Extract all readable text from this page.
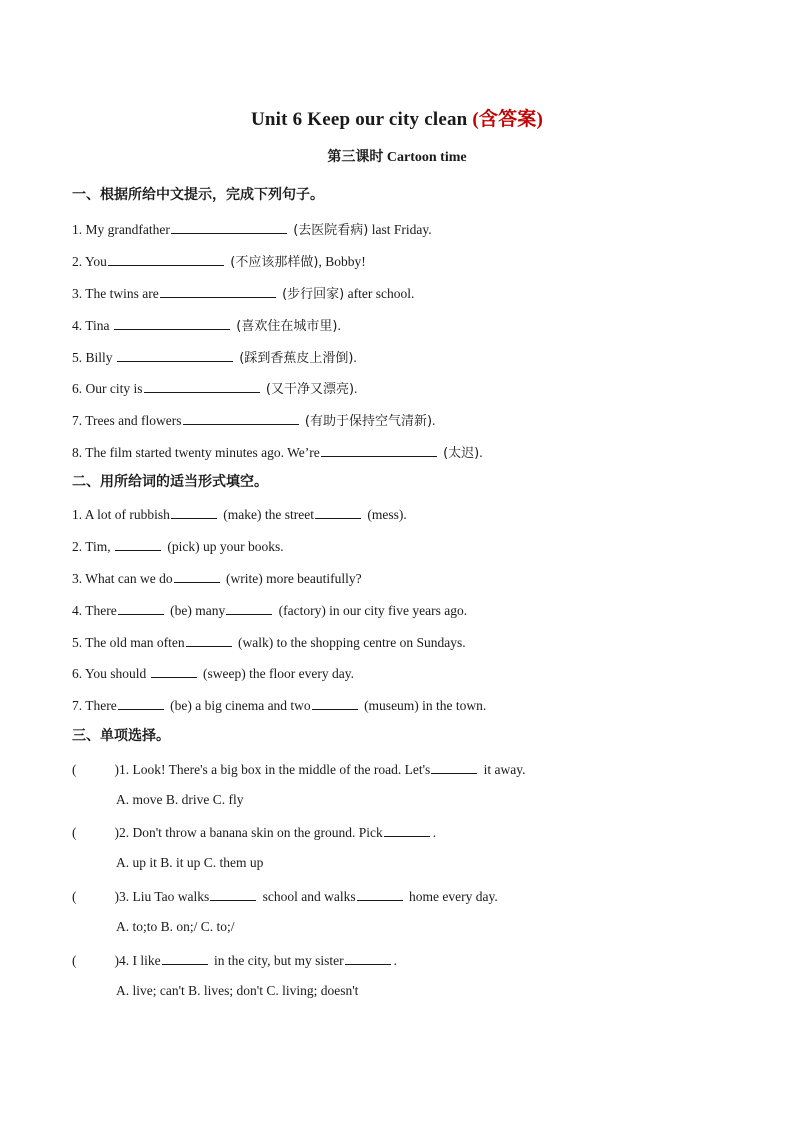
Unit 6 Keep our city clean (含答案)
第三课时 Cartoon time
一、根据所给中文提示，完成下列句子。
1. My grandfather	(去医院看病) last Friday.
2. You	(不应该那样做), Bobby!
3. The twins are	(步行回家) after school.
4. Tina	(喜欢住在城市里).
5. Billy	(踩到香蕉皮上滑倒).
6. Our city is	(又干净又漂亮).
7. Trees and flowers	(有助于保持空气清新).
8. The film started twenty minutes ago. We’re	(太迟).
二、用所给词的适当形式填空。
1. A lot of rubbish	(make) the street	(mess).
2. Tim,	(pick) up your books.
3. What can we do	(write) more beautifully?
4. There	(be) many	(factory) in our city five years ago.
5. The old man often	(walk) to the shopping centre on Sundays.
6. You should	(sweep) the floor every day.
7. There	(be) a big cinema and two	(museum) in the town.
三、单项选择。
(	)1. Look! There's a big box in the middle of the road. Let's	it away.
A. move B. drive C. fly
(	)2. Don't throw a banana skin on the ground. Pick	.
A. up it B. it up C. them up
(	)3. Liu Tao walks	school and walks	home every day.
A. to;to B. on;/ C. to;/
(	)4. I like	in the city, but my sister	.
A. live; can't B. lives; don't C. living; doesn't
